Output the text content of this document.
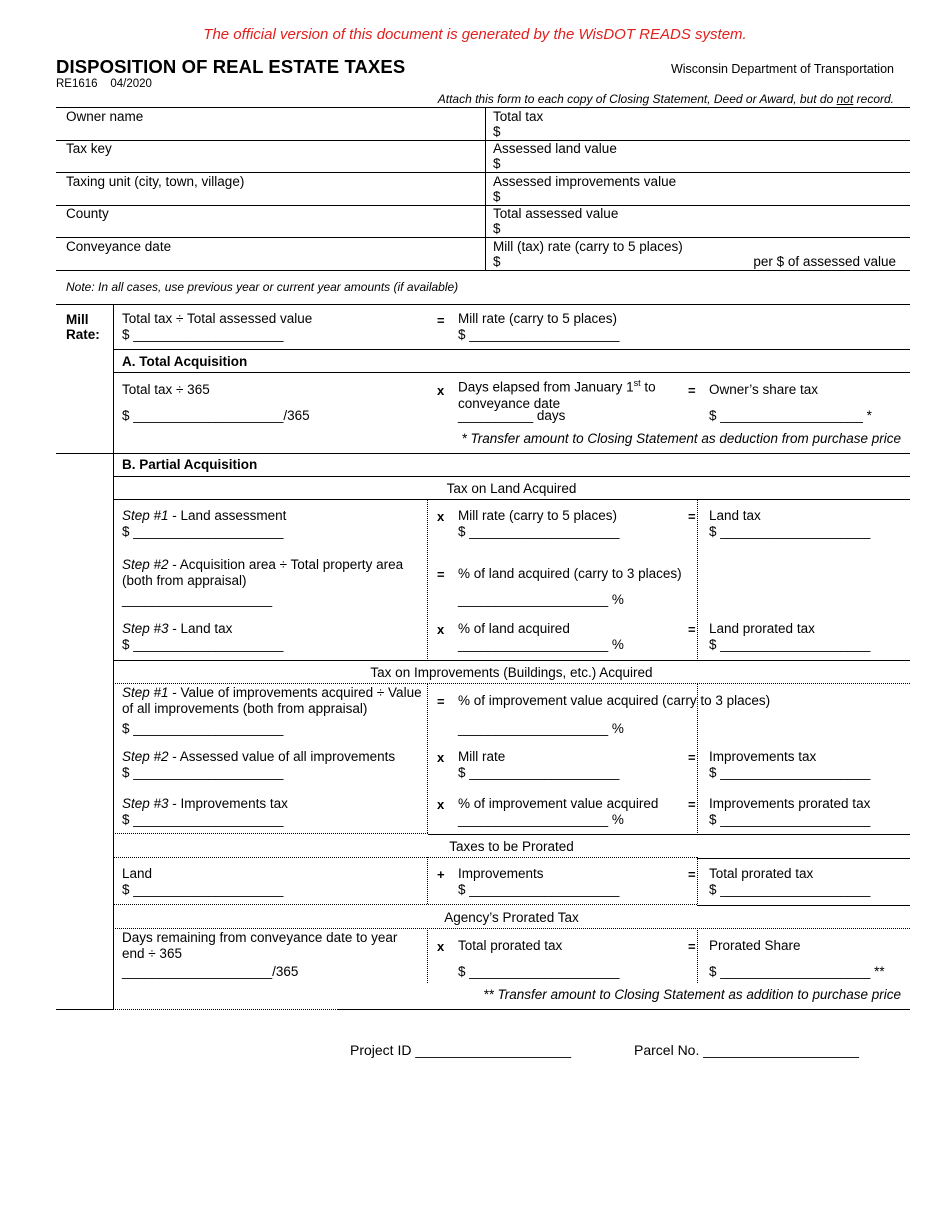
The official version of this document is generated by the WisDOT READS system.
DISPOSITION OF REAL ESTATE TAXES
RE1616 04/2020
Wisconsin Department of Transportation
Attach this form to each copy of Closing Statement, Deed or Award, but do not record.
Owner name
Tax key
Taxing unit (city, town, village)
County
Conveyance date
Total tax
$
Assessed land value
$
Assessed improvements value
$
Total assessed value
$
Mill (tax) rate (carry to 5 places)
$	per $ of assessed value
Note: In all cases, use previous year or current year amounts (if available)
Mill
Rate:
Total tax ÷ Total assessed value
$ ____________________
= Mill rate (carry to 5 places)
$ ____________________
A. Total Acquisition
Total tax ÷ 365
$ ____________________/365
x Days elapsed from January 1st to conveyance date
__________ days
= Owner’s share tax
$ ___________________ *
* Transfer amount to Closing Statement as deduction from purchase price
B. Partial Acquisition
Tax on Land Acquired
Step #1 - Land assessment
$ ____________________
x Mill rate (carry to 5 places)
$ ____________________
= Land tax
$ ____________________
Step #2 - Acquisition area ÷ Total property area (both from appraisal)
____________________
= % of land acquired (carry to 3 places)
____________________ %
Step #3 - Land tax
$ ____________________
x % of land acquired
____________________ %
= Land prorated tax
$ ____________________
Tax on Improvements (Buildings, etc.) Acquired
Step #1 - Value of improvements acquired ÷ Value of all improvements (both from appraisal)
$ ____________________
= % of improvement value acquired (carry to 3 places)
____________________ %
Step #2 - Assessed value of all improvements
$ ____________________
x Mill rate
$ ____________________
= Improvements tax
$ ____________________
Step #3 - Improvements tax
$ ____________________
x % of improvement value acquired
____________________ %
= Improvements prorated tax
$ ____________________
Taxes to be Prorated
Land
$ ____________________
+ Improvements
$ ____________________
= Total prorated tax
$ ____________________
Agency’s Prorated Tax
Days remaining from conveyance date to year end ÷ 365
____________________/365
x Total prorated tax
$ ____________________
= Prorated Share
$ ____________________ **
** Transfer amount to Closing Statement as addition to purchase price
Project ID ____________________	Parcel No. ____________________
